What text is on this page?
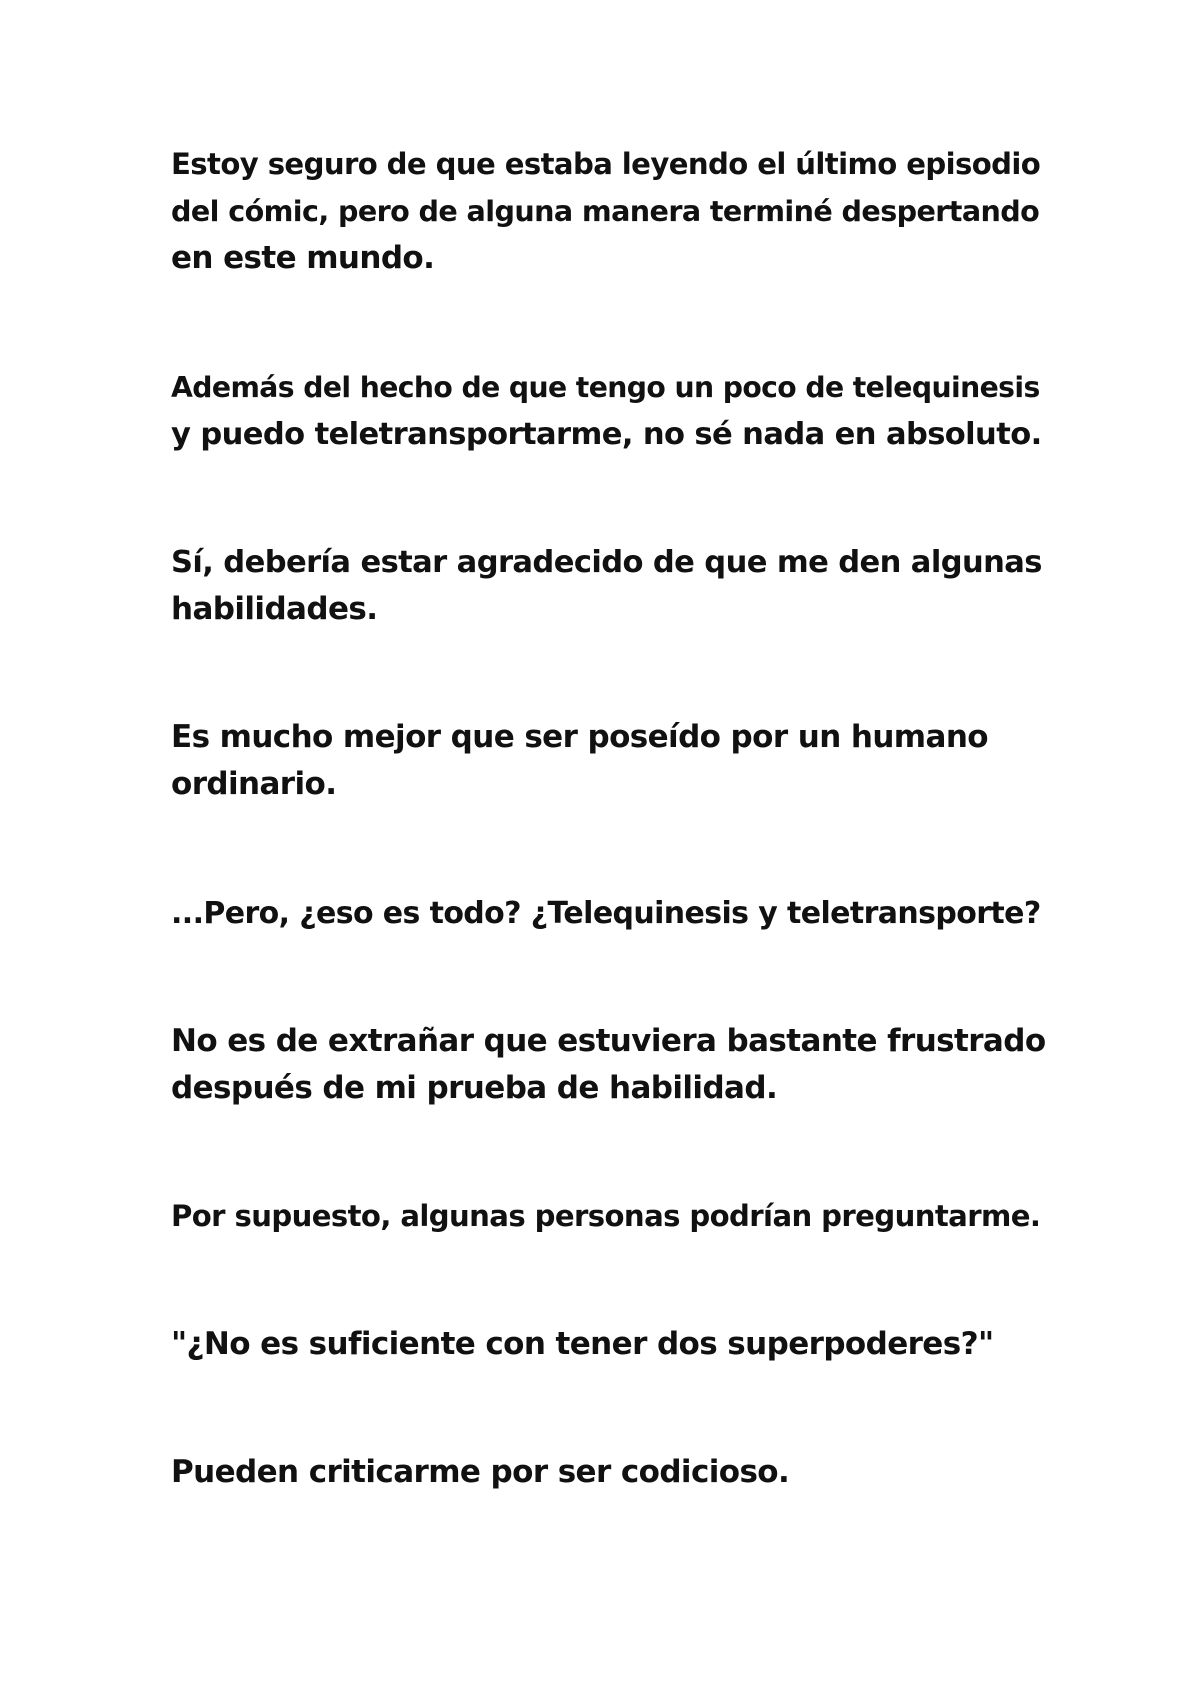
Estoy seguro de que estaba leyendo el último episodio
del cómic, pero de alguna manera terminé despertando
en este mundo.

Además del hecho de que tengo un poco de telequinesis
y puedo teletransportarme, no sé nada en absoluto.

Sí, debería estar agradecido de que me den algunas
habilidades.

Es mucho mejor que ser poseído por un humano
ordinario.

...Pero, ¿eso es todo? ¿Telequinesis y teletransporte?

No es de extrañar que estuviera bastante frustrado
después de mi prueba de habilidad.

Por supuesto, algunas personas podrían preguntarme.

"¿No es suficiente con tener dos superpoderes?"

Pueden criticarme por ser codicioso.
